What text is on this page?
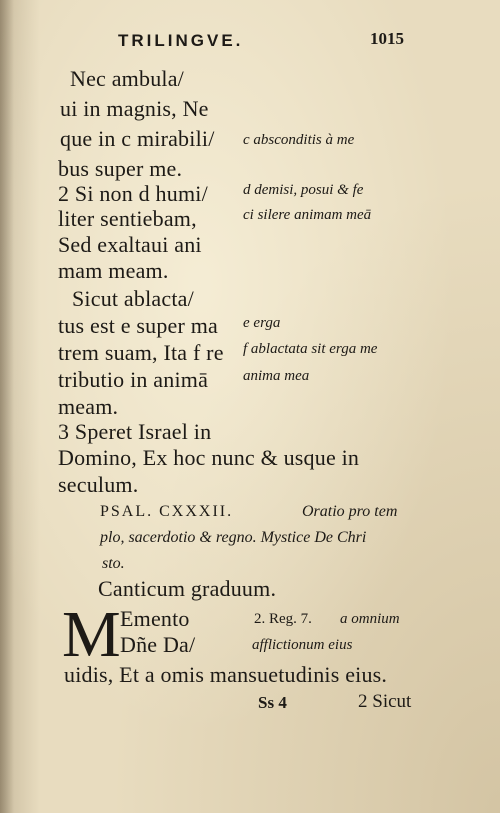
TRILINGVE.	1015
Nec ambula/
ui in magnis, Ne
que in c mirabili/
bus super me.
2 Si non d humi/
liter sentiebam,
Sed exaltaui ani
mam meam.
Sicut ablacta/
tus est e super ma
trem suam, Ita f re
tributio in animā
meam.
3 Speret Israel in
Domino, Ex hoc nunc & usque in
seculum.
c absconditis à me
d demisi, posui & fe
ci silere animam meā
e erga
f ablactata sit erga me
anima mea
PSAL. CXXXII.	Oratio pro tem
plo, sacerdotio & regno. Mystice De Chri
sto.
Canticum graduum.
M Emento
Dñe Da/
uidis, Et a omis mansuetudinis eius.
2. Reg. 7. a omnium
afflictionum eius
Ss 4	2 Sicut
